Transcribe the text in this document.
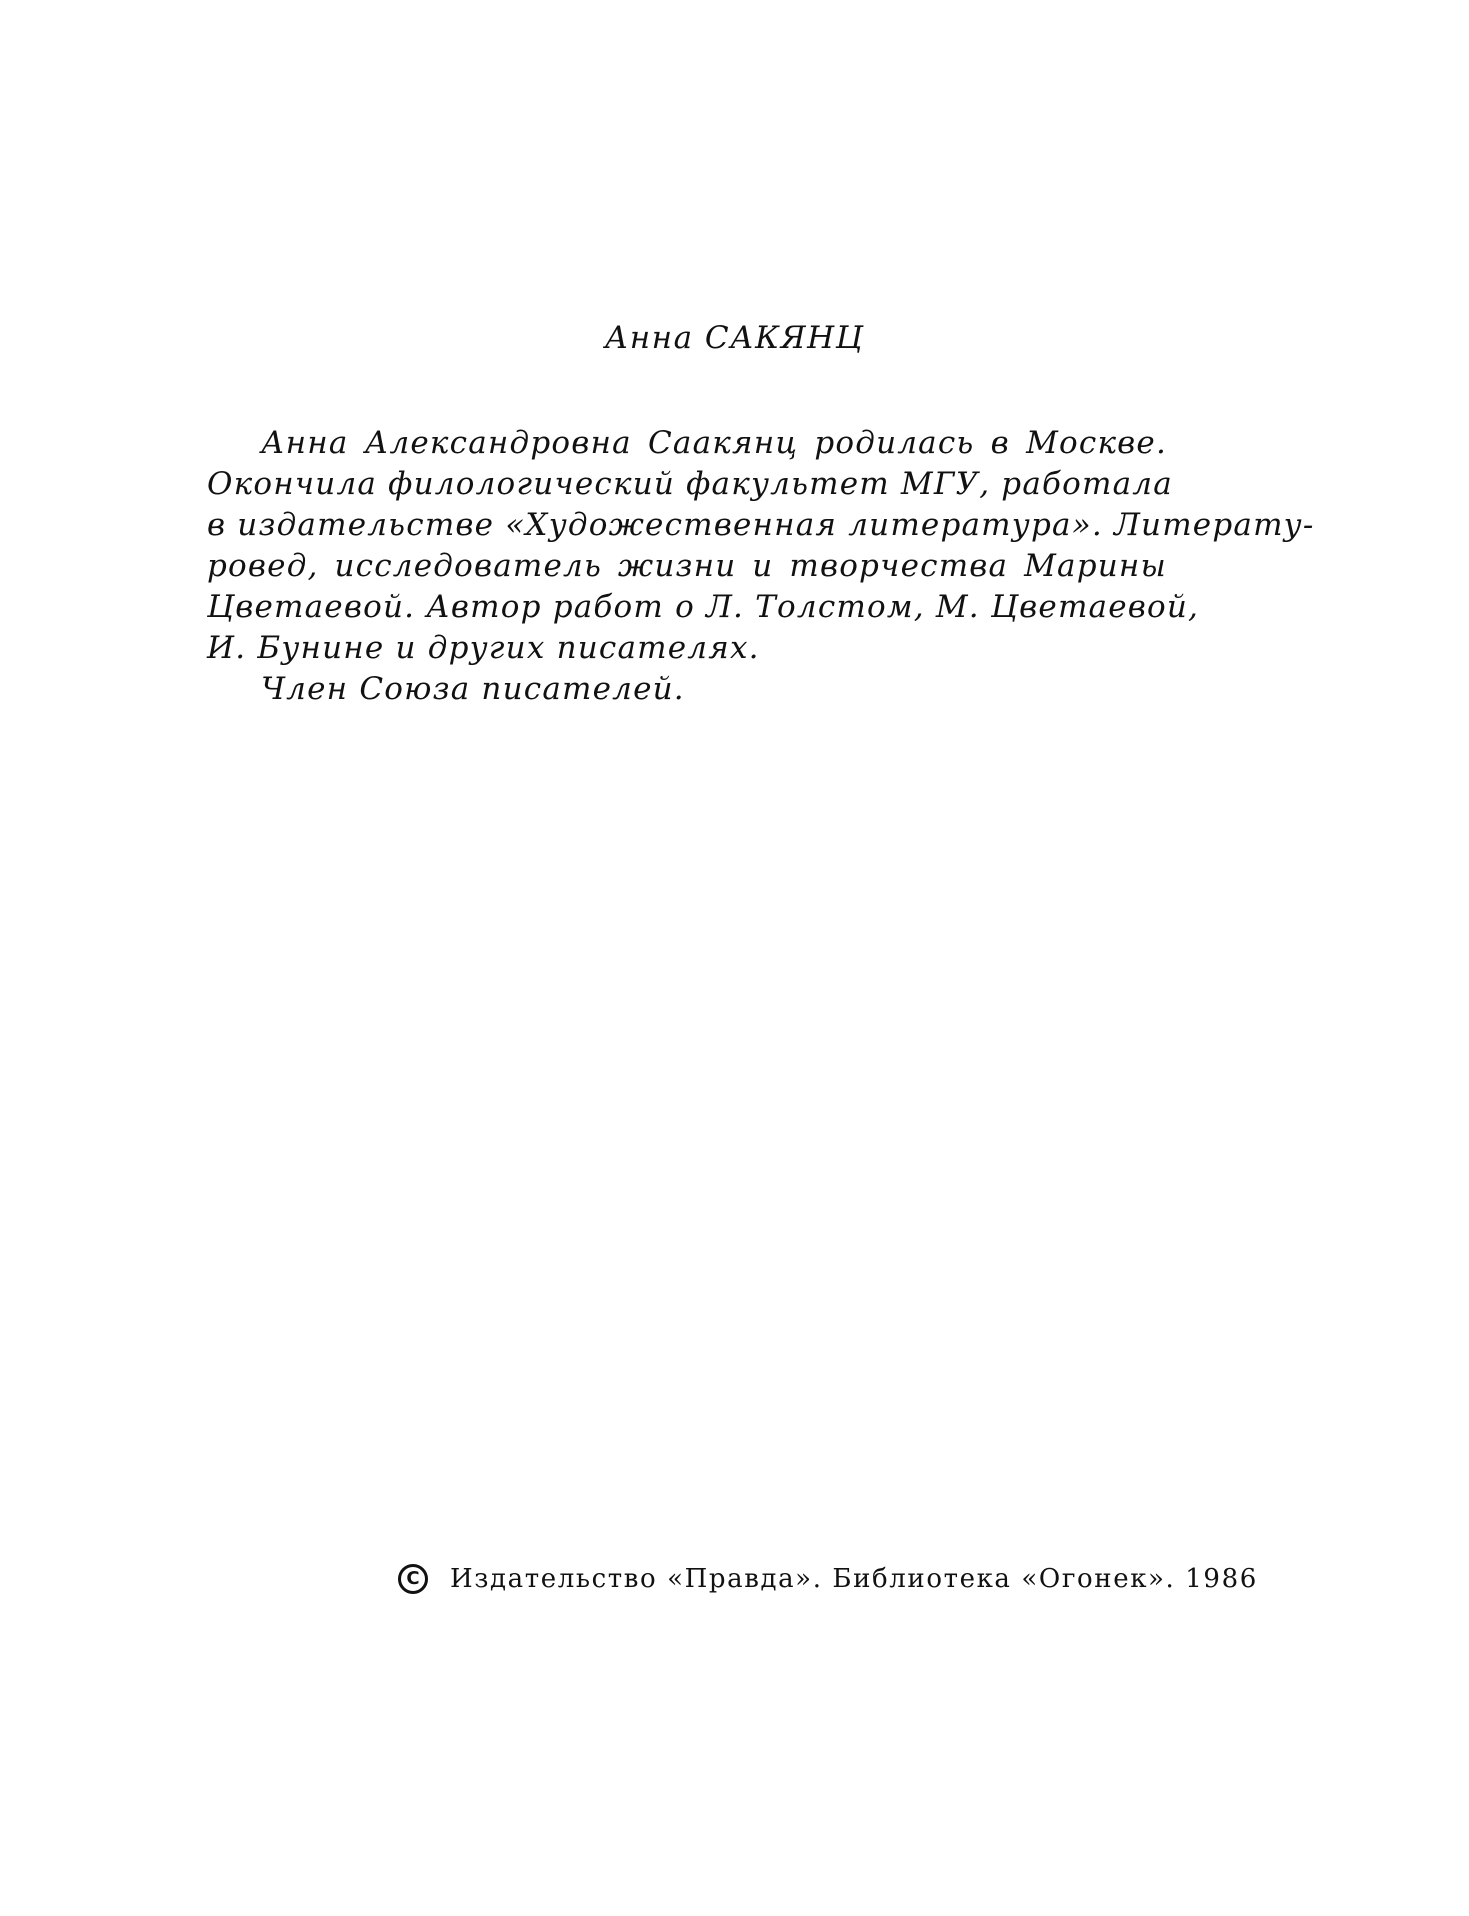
Анна САКЯНЦ
Анна Александровна Саакянц родилась в Москве.
Окончила филологический факультет МГУ, работала
в издательстве «Художественная литература». Литерату-
ровед, исследователь жизни и творчества Марины
Цветаевой. Автор работ о Л. Толстом, М. Цветаевой,
И. Бунине и других писателях.
Член Союза писателей.
C	Издательство «Правда». Библиотека «Огонек». 1986
